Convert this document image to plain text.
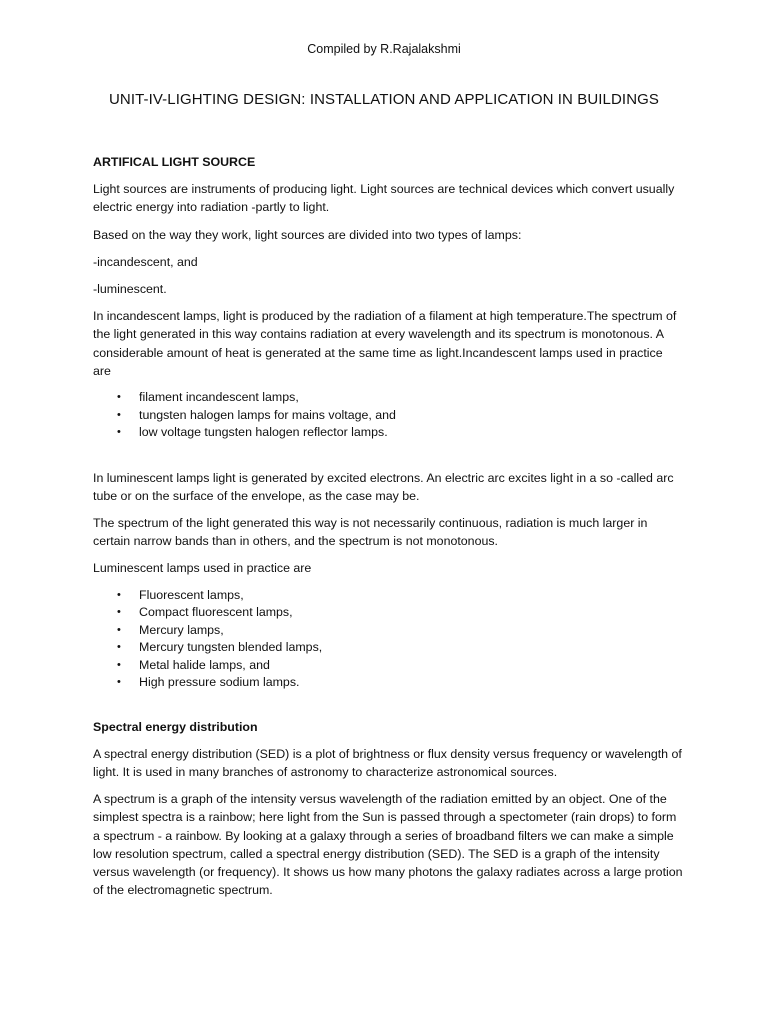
Compiled by R.Rajalakshmi
UNIT-IV-LIGHTING DESIGN: INSTALLATION AND APPLICATION IN BUILDINGS
ARTIFICAL LIGHT SOURCE
Light sources are instruments of producing light. Light sources are technical devices which convert usually electric energy into radiation -partly to light.
Based on the way they work, light sources are divided into two types of lamps:
-incandescent, and
-luminescent.
In incandescent lamps, light is produced by the radiation of a filament at high temperature.The spectrum of the light generated in this way contains radiation at every wavelength and its spectrum is monotonous. A considerable amount of heat is generated at the same time as light.Incandescent lamps used in practice are
• filament incandescent lamps,
• tungsten halogen lamps for mains voltage, and
• low voltage tungsten halogen reflector lamps.
In luminescent lamps light is generated by excited electrons. An electric arc excites light in a so -called arc tube or on the surface of the envelope, as the case may be.
The spectrum of the light generated this way is not necessarily continuous, radiation is much larger in certain narrow bands than in others, and the spectrum is not monotonous.
Luminescent lamps used in practice are
• Fluorescent lamps,
• Compact fluorescent lamps,
• Mercury lamps,
• Mercury tungsten blended lamps,
• Metal halide lamps, and
• High pressure sodium lamps.
Spectral energy distribution
A spectral energy distribution (SED) is a plot of brightness or flux density versus frequency or wavelength of light. It is used in many branches of astronomy to characterize astronomical sources.
A spectrum is a graph of the intensity versus wavelength of the radiation emitted by an object. One of the simplest spectra is a rainbow; here light from the Sun is passed through a spectometer (rain drops) to form a spectrum - a rainbow. By looking at a galaxy through a series of broadband filters we can make a simple low resolution spectrum, called a spectral energy distribution (SED). The SED is a graph of the intensity versus wavelength (or frequency). It shows us how many photons the galaxy radiates across a large protion of the electromagnetic spectrum.
